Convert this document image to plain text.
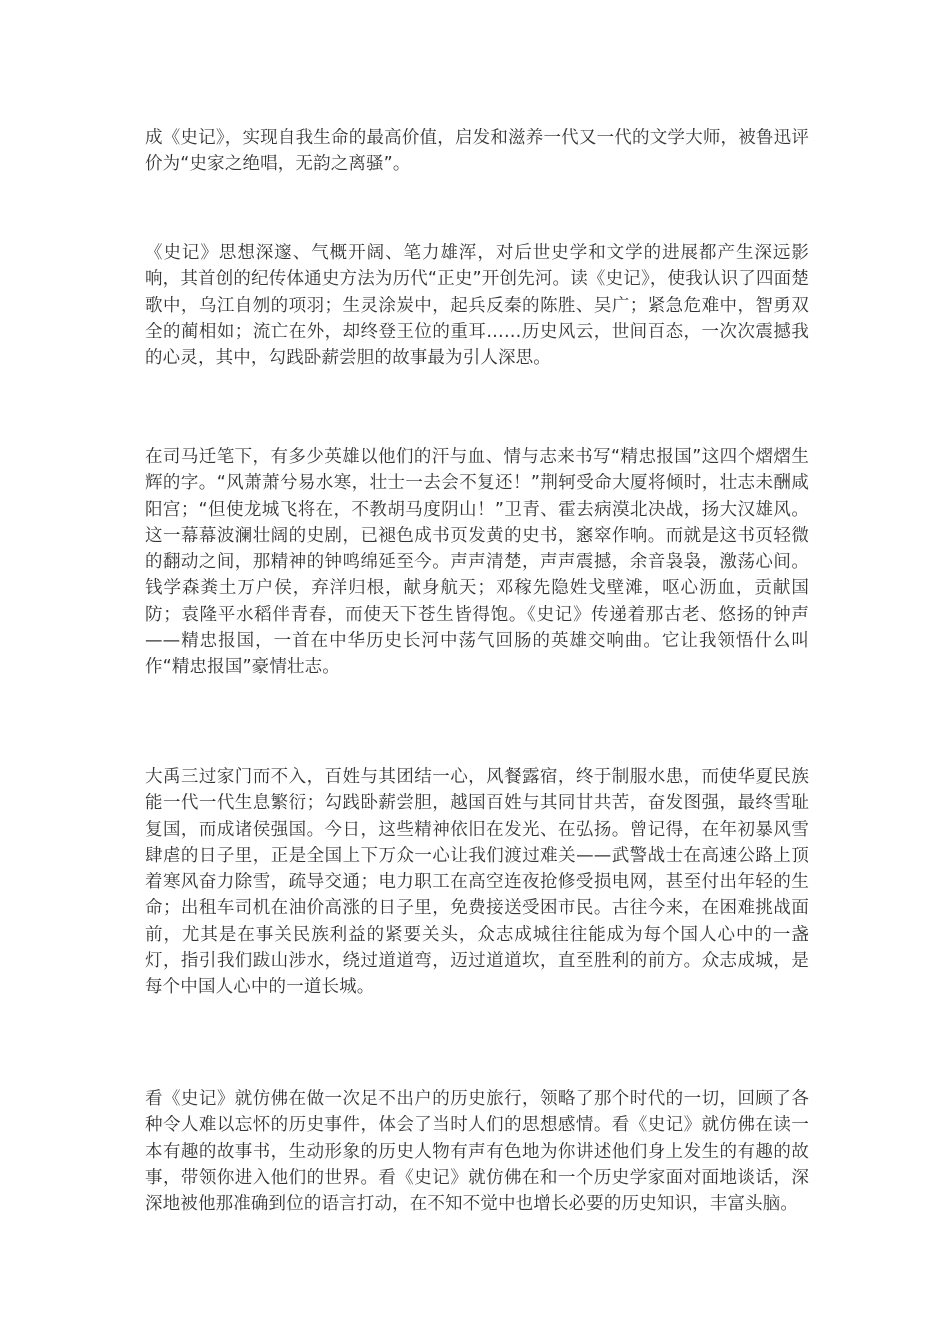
成《史记》，实现自我生命的最高价值，启发和滋养一代又一代的文学大师，被鲁迅评价为“史家之绝唱，无韵之离骚”。

《史记》思想深邃、气概开阔、笔力雄浑，对后世史学和文学的进展都产生深远影响，其首创的纪传体通史方法为历代“正史”开创先河。读《史记》，使我认识了四面楚歌中，乌江自刎的项羽；生灵涂炭中，起兵反秦的陈胜、吴广；紧急危难中，智勇双全的蔺相如；流亡在外，却终登王位的重耳……历史风云，世间百态，一次次震撼我的心灵，其中，勾践卧薪尝胆的故事最为引人深思。

在司马迁笔下，有多少英雄以他们的汗与血、情与志来书写“精忠报国”这四个熠熠生辉的字。“风萧萧兮易水寒，壮士一去会不复还！”荆轲受命大厦将倾时，壮志未酬咸阳宫；“但使龙城飞将在，不教胡马度阴山！”卫青、霍去病漠北决战，扬大汉雄风。这一幕幕波澜壮阔的史剧，已褪色成书页发黄的史书，窸窣作响。而就是这书页轻微的翻动之间，那精神的钟鸣绵延至今。声声清楚，声声震撼，余音袅袅，激荡心间。钱学森粪土万户侯，弃洋归根，献身航天；邓稼先隐姓戈壁滩，呕心沥血，贡献国防；袁隆平水稻伴青春，而使天下苍生皆得饱。《史记》传递着那古老、悠扬的钟声——精忠报国，一首在中华历史长河中荡气回肠的英雄交响曲。它让我领悟什么叫作“精忠报国”豪情壮志。

大禹三过家门而不入，百姓与其团结一心，风餐露宿，终于制服水患，而使华夏民族能一代一代生息繁衍；勾践卧薪尝胆，越国百姓与其同甘共苦，奋发图强，最终雪耻复国，而成诸侯强国。今日，这些精神依旧在发光、在弘扬。曾记得，在年初暴风雪肆虐的日子里，正是全国上下万众一心让我们渡过难关——武警战士在高速公路上顶着寒风奋力除雪，疏导交通；电力职工在高空连夜抢修受损电网，甚至付出年轻的生命；出租车司机在油价高涨的日子里，免费接送受困市民。古往今来，在困难挑战面前，尤其是在事关民族利益的紧要关头，众志成城往往能成为每个国人心中的一盏灯，指引我们跋山涉水，绕过道道弯，迈过道道坎，直至胜利的前方。众志成城，是每个中国人心中的一道长城。

看《史记》就仿佛在做一次足不出户的历史旅行，领略了那个时代的一切，回顾了各种令人难以忘怀的历史事件，体会了当时人们的思想感情。看《史记》就仿佛在读一本有趣的故事书，生动形象的历史人物有声有色地为你讲述他们身上发生的有趣的故事，带领你进入他们的世界。看《史记》就仿佛在和一个历史学家面对面地谈话，深深地被他那准确到位的语言打动，在不知不觉中也增长必要的历史知识，丰富头脑。
